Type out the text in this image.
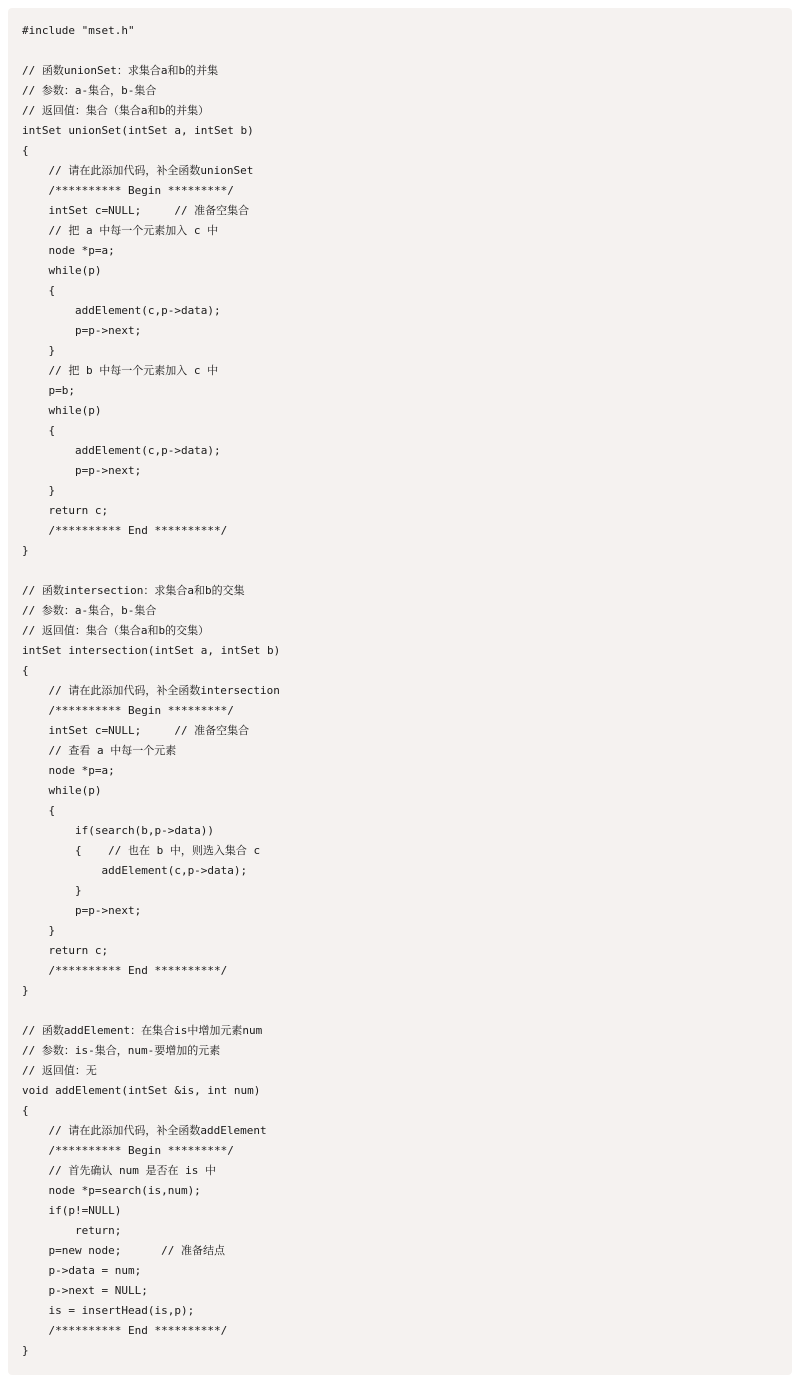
#include "mset.h"
// 函数unionSet：求集合a和b的并集
// 参数：a-集合，b-集合
// 返回值：集合（集合a和b的并集）
intSet unionSet(intSet a, intSet b)
{
// 请在此添加代码，补全函数unionSet
/********** Begin *********/
intSet c=NULL;     // 准备空集合
// 把 a 中每一个元素加入 c 中
node *p=a;
while(p)
{
addElement(c,p->data);
p=p->next;
}
// 把 b 中每一个元素加入 c 中
p=b;
while(p)
{
addElement(c,p->data);
p=p->next;
}
return c;
/********** End **********/
}
// 函数intersection：求集合a和b的交集
// 参数：a-集合，b-集合
// 返回值：集合（集合a和b的交集）
intSet intersection(intSet a, intSet b)
{
// 请在此添加代码，补全函数intersection
/********** Begin *********/
intSet c=NULL;     // 准备空集合
// 查看 a 中每一个元素
node *p=a;
while(p)
{
if(search(b,p->data))
{    // 也在 b 中，则选入集合 c
addElement(c,p->data);
}
p=p->next;
}
return c;
/********** End **********/
}
// 函数addElement：在集合is中增加元素num
// 参数：is-集合，num-要增加的元素
// 返回值：无
void addElement(intSet &is, int num)
{
// 请在此添加代码，补全函数addElement
/********** Begin *********/
// 首先确认 num 是否在 is 中
node *p=search(is,num);
if(p!=NULL)
return;
p=new node;      // 准备结点
p->data = num;
p->next = NULL;
is = insertHead(is,p);
/********** End **********/
}
